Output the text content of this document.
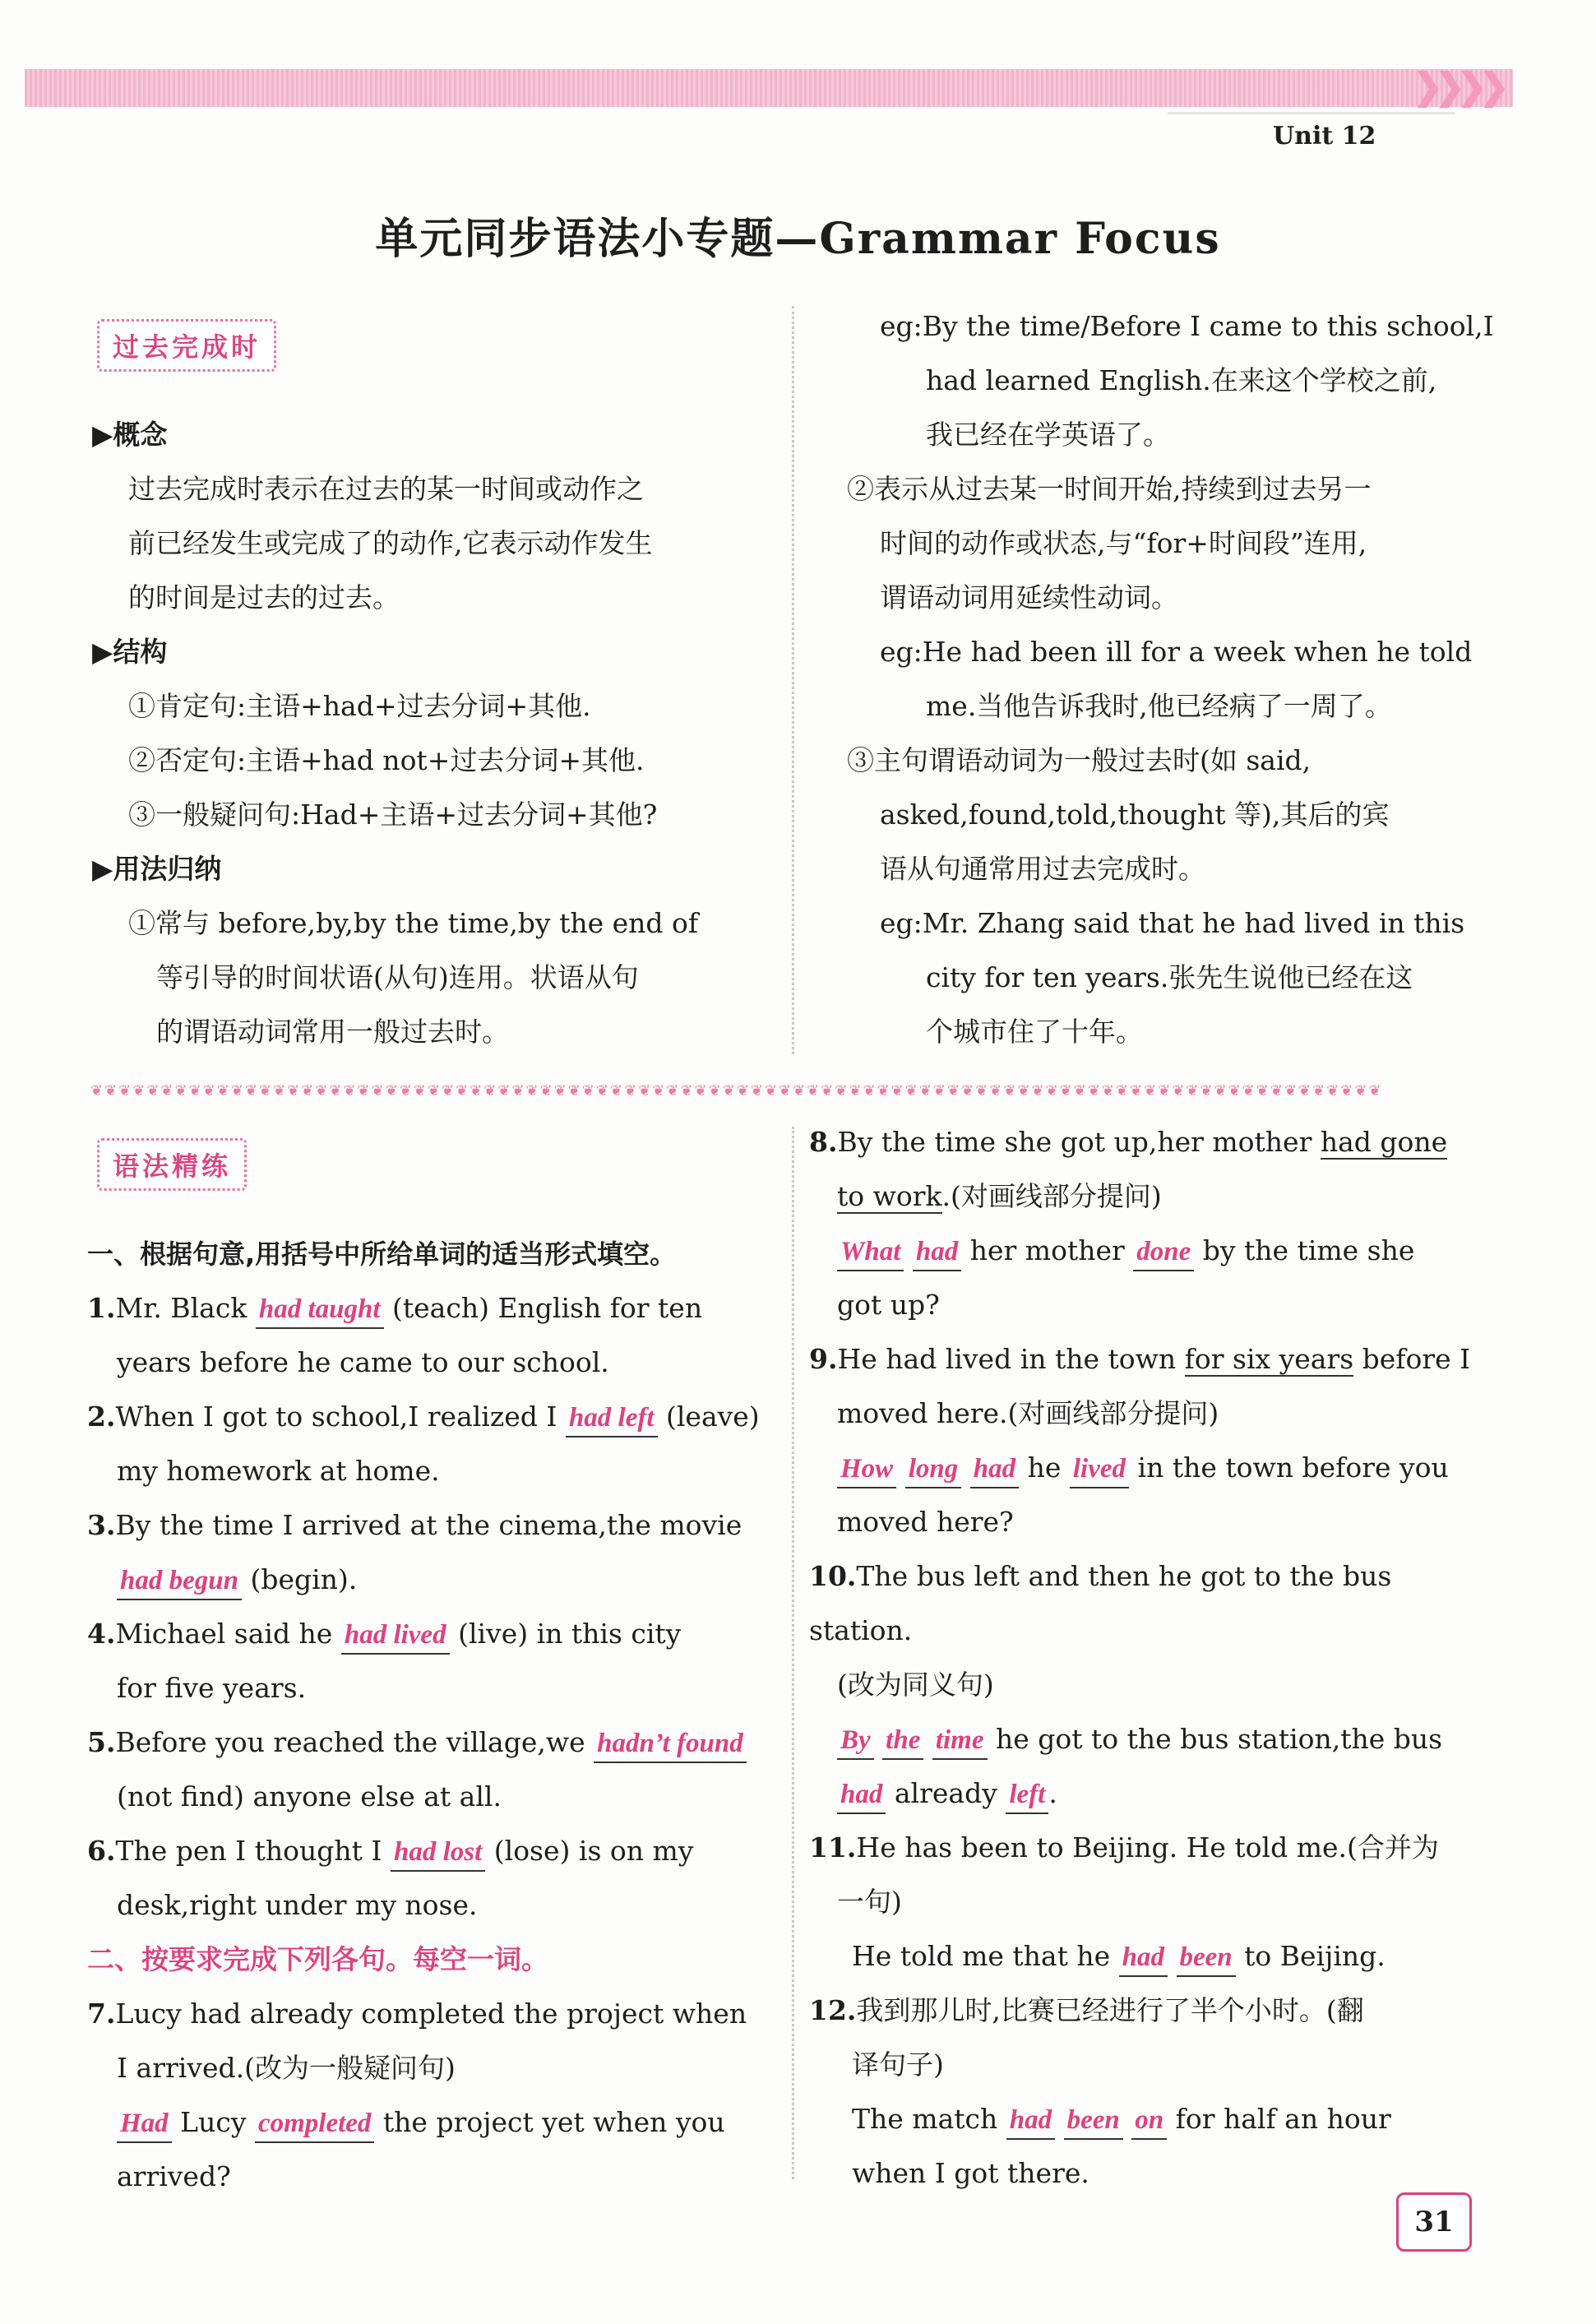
❯❯❯❯
Unit 12
单元同步语法小专题—Grammar Focus
过去完成时
▶概念
过去完成时表示在过去的某一时间或动作之
前已经发生或完成了的动作,它表示动作发生
的时间是过去的过去。
▶结构
①肯定句:主语+had+过去分词+其他.
②否定句:主语+had not+过去分词+其他.
③一般疑问句:Had+主语+过去分词+其他?
▶用法归纳
①常与 before,by,by the time,by the end of
等引导的时间状语(从句)连用。状语从句
的谓语动词常用一般过去时。
eg:By the time/Before I came to this school,I
had learned English.在来这个学校之前,
我已经在学英语了。
②表示从过去某一时间开始,持续到过去另一
时间的动作或状态,与“for+时间段”连用,
谓语动词用延续性动词。
eg:He had been ill for a week when he told
me.当他告诉我时,他已经病了一周了。
③主句谓语动词为一般过去时(如 said,
asked,found,told,thought 等),其后的宾
语从句通常用过去完成时。
eg:Mr. Zhang said that he had lived in this
city for ten years.张先生说他已经在这
个城市住了十年。
❦❦❦❦❦❦❦❦❦❦❦❦❦❦❦❦❦❦❦❦❦❦❦❦❦❦❦❦❦❦❦❦❦❦❦❦❦❦❦❦❦❦❦❦❦❦❦❦❦❦❦❦❦❦❦❦❦❦❦❦❦❦❦❦❦❦❦❦❦❦❦❦❦❦❦❦❦❦❦❦❦❦❦❦❦❦❦❦❦❦❦❦
语法精练
一、根据句意,用括号中所给单词的适当形式填空。
1.Mr. Black had taught (teach) English for ten
years before he came to our school.
2.When I got to school,I realized I had left (leave)
my homework at home.
3.By the time I arrived at the cinema,the movie
had begun (begin).
4.Michael said he had lived (live) in this city
for five years.
5.Before you reached the village,we hadn’t found
(not find) anyone else at all.
6.The pen I thought I had lost (lose) is on my
desk,right under my nose.
二、按要求完成下列各句。每空一词。
7.Lucy had already completed the project when
I arrived.(改为一般疑问句)
Had Lucy completed the project yet when you
arrived?
8.By the time she got up,her mother had gone
to work.(对画线部分提问)
What had her mother done by the time she
got up?
9.He had lived in the town for six years before I
moved here.(对画线部分提问)
How long had he lived in the town before you
moved here?
10.The bus left and then he got to the bus station.
(改为同义句)
By the time he got to the bus station,the bus
had already left .
11.He has been to Beijing. He told me.(合并为
一句)
He told me that he had been to Beijing.
12.我到那儿时,比赛已经进行了半个小时。(翻
译句子)
The match had been on for half an hour
when I got there.
31
